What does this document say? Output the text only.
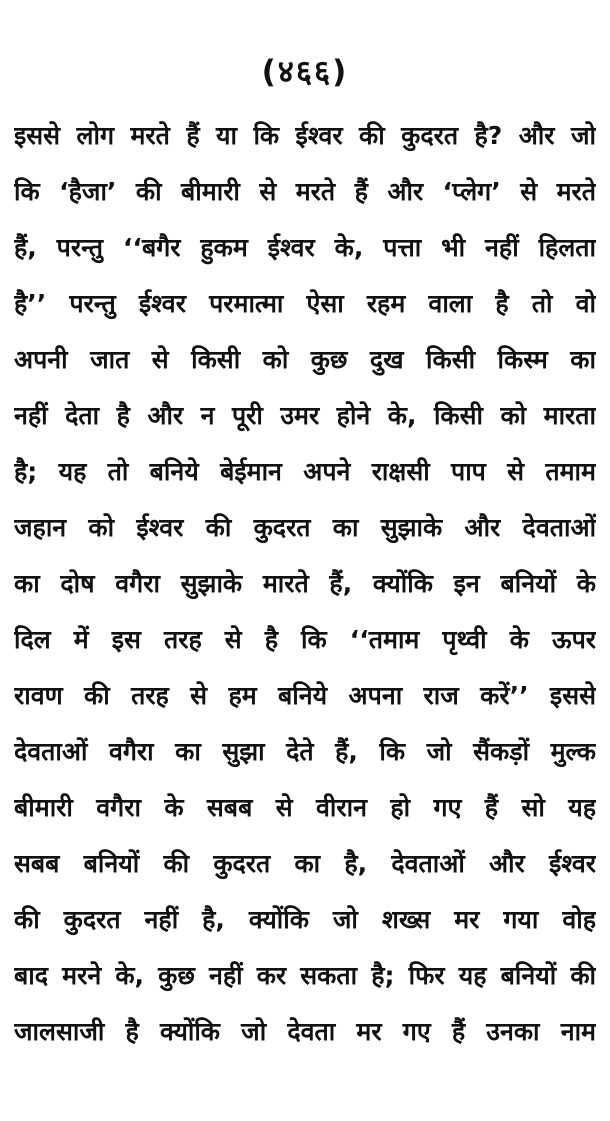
(४६६)
इससे लोग मरते हैं या कि ईश्वर की कुदरत है? और जो
कि ‘हैजा’ की बीमारी से मरते हैं और ‘प्लेग’ से मरते
हैं, परन्तु ‘‘बगैर हुकम ईश्वर के, पत्ता भी नहीं हिलता
है’’ परन्तु ईश्वर परमात्मा ऐसा रहम वाला है तो वो
अपनी जात से किसी को कुछ दुख किसी किस्म का
नहीं देता है और न पूरी उमर होने के, किसी को मारता
है; यह तो बनिये बेईमान अपने राक्षसी पाप से तमाम
जहान को ईश्वर की कुदरत का सुझाके और देवताओं
का दोष वगैरा सुझाके मारते हैं, क्योंकि इन बनियों के
दिल में इस तरह से है कि ‘‘तमाम पृथ्वी के ऊपर
रावण की तरह से हम बनिये अपना राज करें’’ इससे
देवताओं वगैरा का सुझा देते हैं, कि जो सैंकड़ों मुल्क
बीमारी वगैरा के सबब से वीरान हो गए हैं सो यह
सबब बनियों की कुदरत का है, देवताओं और ईश्वर
की कुदरत नहीं है, क्योंकि जो शख्स मर गया वोह
बाद मरने के, कुछ नहीं कर सकता है; फिर यह बनियों की
जालसाजी है क्योंकि जो देवता मर गए हैं उनका नाम
